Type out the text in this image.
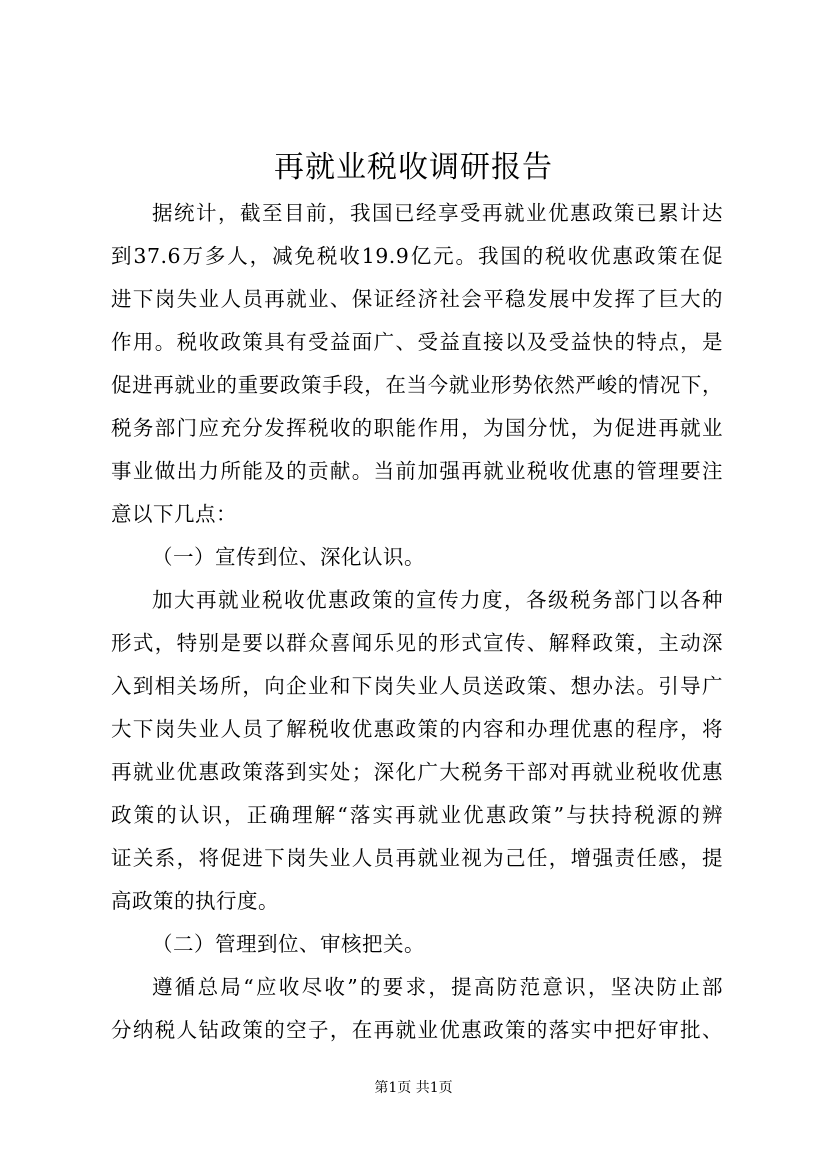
再就业税收调研报告
据统计，截至目前，我国已经享受再就业优惠政策已累计达
到37.6万多人，减免税收19.9亿元。我国的税收优惠政策在促
进下岗失业人员再就业、保证经济社会平稳发展中发挥了巨大的
作用。税收政策具有受益面广、受益直接以及受益快的特点，是
促进再就业的重要政策手段，在当今就业形势依然严峻的情况下，
税务部门应充分发挥税收的职能作用，为国分忧，为促进再就业
事业做出力所能及的贡献。当前加强再就业税收优惠的管理要注
意以下几点：
（一）宣传到位、深化认识。
加大再就业税收优惠政策的宣传力度，各级税务部门以各种
形式，特别是要以群众喜闻乐见的形式宣传、解释政策，主动深
入到相关场所，向企业和下岗失业人员送政策、想办法。引导广
大下岗失业人员了解税收优惠政策的内容和办理优惠的程序，将
再就业优惠政策落到实处；深化广大税务干部对再就业税收优惠
政策的认识，正确理解“落实再就业优惠政策”与扶持税源的辨
证关系，将促进下岗失业人员再就业视为己任，增强责任感，提
高政策的执行度。
（二）管理到位、审核把关。
遵循总局“应收尽收”的要求，提高防范意识，坚决防止部
分纳税人钻政策的空子，在再就业优惠政策的落实中把好审批、
第1页 共1页
